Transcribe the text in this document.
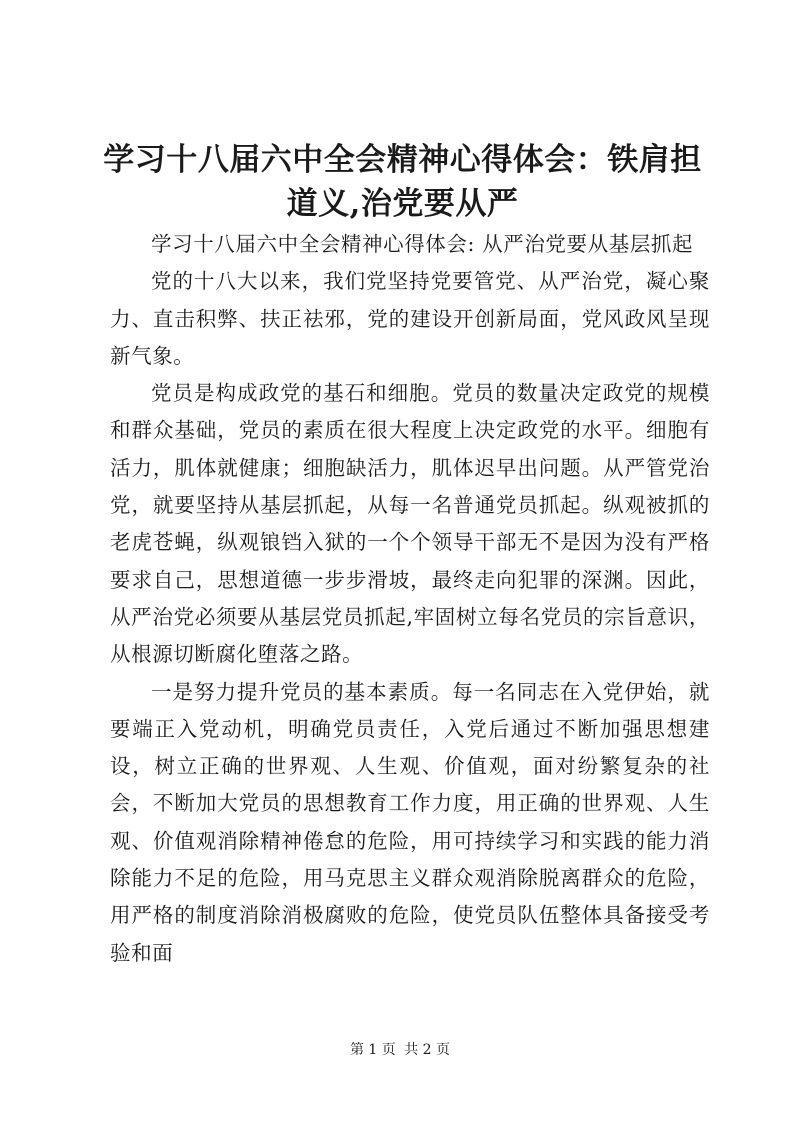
学习十八届六中全会精神心得体会：铁肩担道义,治党要从严

学习十八届六中全会精神心得体会: 从严治党要从基层抓起

党的十八大以来，我们党坚持党要管党、从严治党，凝心聚力、直击积弊、扶正祛邪，党的建设开创新局面，党风政风呈现新气象。

党员是构成政党的基石和细胞。党员的数量决定政党的规模和群众基础，党员的素质在很大程度上决定政党的水平。细胞有活力，肌体就健康；细胞缺活力，肌体迟早出问题。从严管党治党，就要坚持从基层抓起，从每一名普通党员抓起。纵观被抓的老虎苍蝇，纵观锒铛入狱的一个个领导干部无不是因为没有严格要求自己，思想道德一步步滑坡，最终走向犯罪的深渊。因此，从严治党必须要从基层党员抓起,牢固树立每名党员的宗旨意识，从根源切断腐化堕落之路。

一是努力提升党员的基本素质。每一名同志在入党伊始，就要端正入党动机，明确党员责任，入党后通过不断加强思想建设，树立正确的世界观、人生观、价值观，面对纷繁复杂的社会，不断加大党员的思想教育工作力度，用正确的世界观、人生观、价值观消除精神倦怠的危险，用可持续学习和实践的能力消除能力不足的危险，用马克思主义群众观消除脱离群众的危险，用严格的制度消除消极腐败的危险，使党员队伍整体具备接受考验和面

第 1 页 共 2 页
